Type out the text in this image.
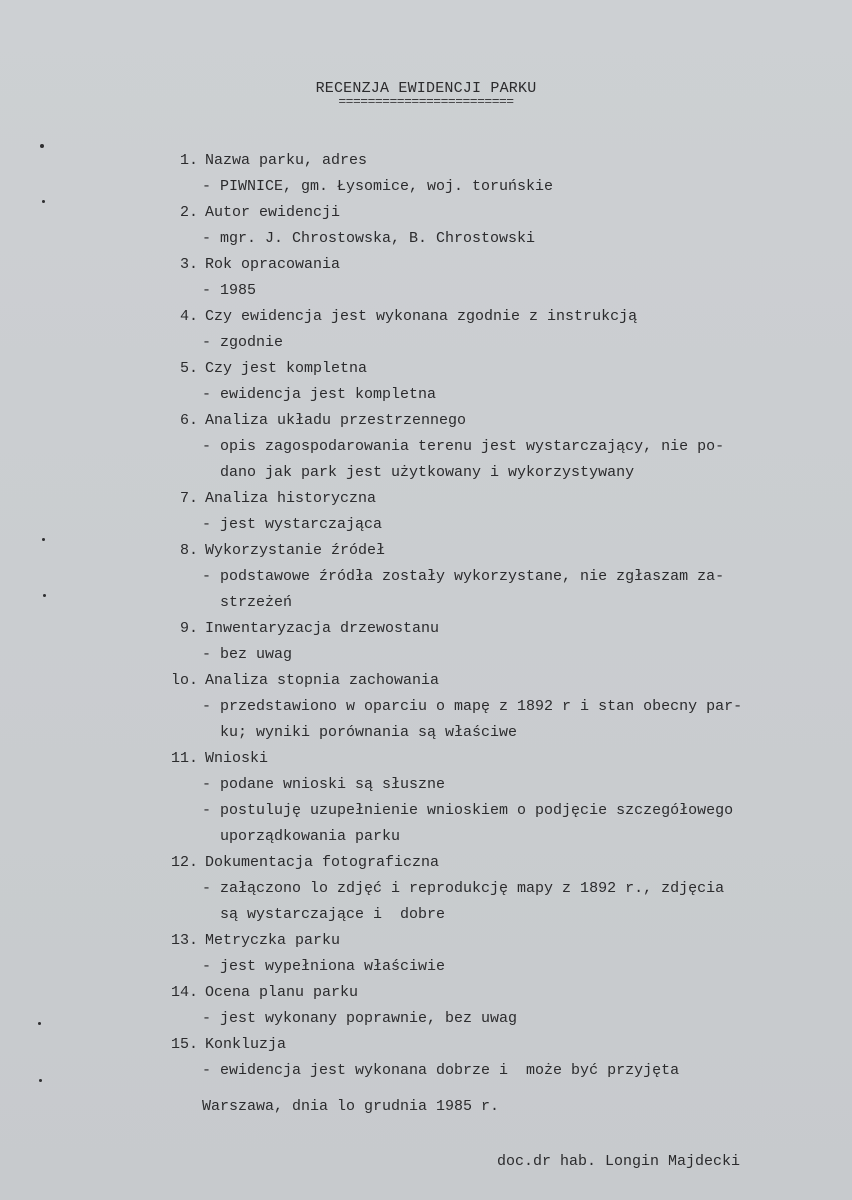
RECENZJA EWIDENCJI PARKU
========================
1. Nazwa parku, adres
- PIWNICE, gm. Łysomice, woj. toruńskie
2. Autor ewidencji
- mgr. J. Chrostowska, B. Chrostowski
3. Rok opracowania
- 1985
4. Czy ewidencja jest wykonana zgodnie z instrukcją
- zgodnie
5. Czy jest kompletna
- ewidencja jest kompletna
6. Analiza układu przestrzennego
- opis zagospodarowania terenu jest wystarczający, nie po-
dano jak park jest użytkowany i wykorzystywany
7. Analiza historyczna
- jest wystarczająca
8. Wykorzystanie źródeł
- podstawowe źródła zostały wykorzystane, nie zgłaszam za-
strzeżeń
9. Inwentaryzacja drzewostanu
- bez uwag
lo. Analiza stopnia zachowania
- przedstawiono w oparciu o mapę z 1892 r i stan obecny par-
ku; wyniki porównania są właściwe
11. Wnioski
- podane wnioski są słuszne
- postuluję uzupełnienie wnioskiem o podjęcie szczegółowego
uporządkowania parku
12. Dokumentacja fotograficzna
- załączono lo zdjęć i reprodukcję mapy z 1892 r., zdjęcia
są wystarczające i  dobre
13. Metryczka parku
- jest wypełniona właściwie
14. Ocena planu parku
- jest wykonany poprawnie, bez uwag
15. Konkluzja
- ewidencja jest wykonana dobrze i  może być przyjęta
Warszawa, dnia lo grudnia 1985 r.
doc.dr hab. Longin Majdecki
